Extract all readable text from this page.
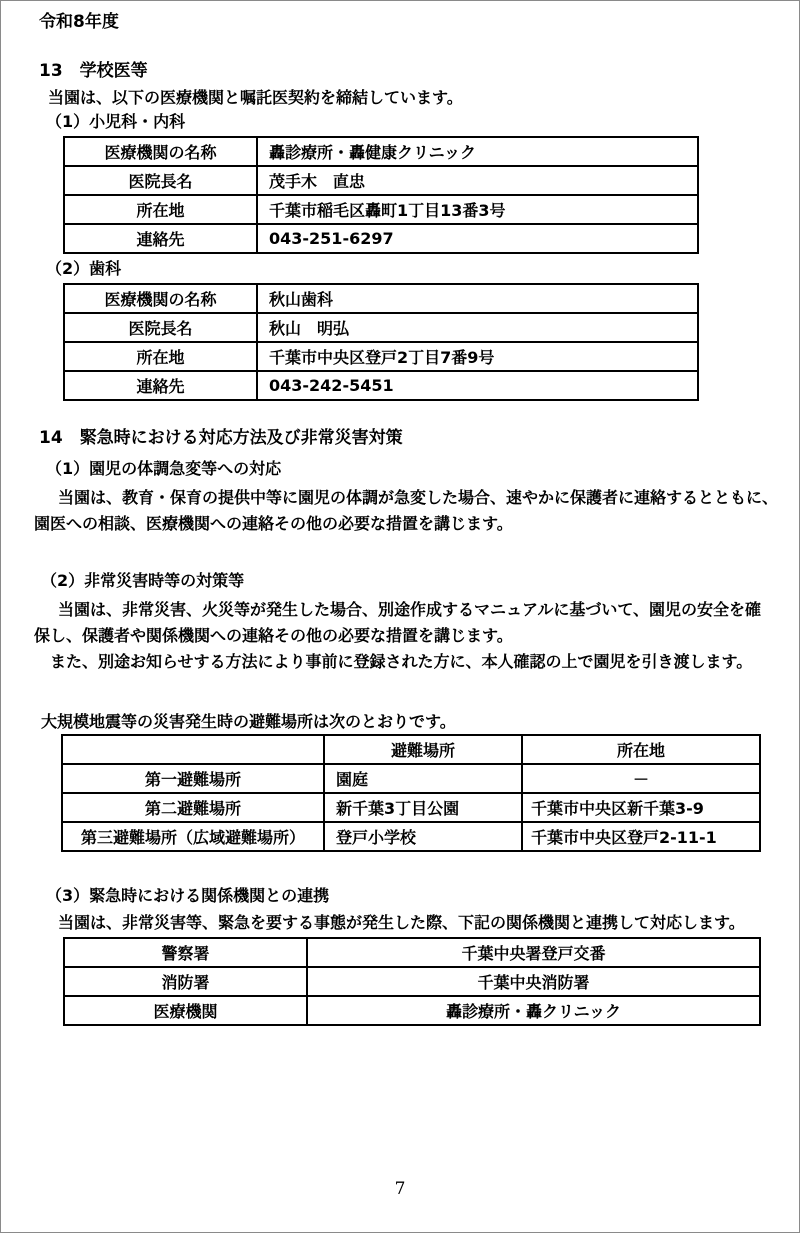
令和8年度
13　学校医等
当園は、以下の医療機関と嘱託医契約を締結しています。
（1）小児科・内科
医療機関の名称	轟診療所・轟健康クリニック
医院長名	茂手木　直忠
所在地	千葉市稲毛区轟町1丁目13番3号
連絡先	043-251-6297
（2）歯科
医療機関の名称	秋山歯科
医院長名	秋山　明弘
所在地	千葉市中央区登戸2丁目7番9号
連絡先	043-242-5451
14　緊急時における対応方法及び非常災害対策
（1）園児の体調急変等への対応
当園は、教育・保育の提供中等に園児の体調が急変した場合、速やかに保護者に連絡するとともに、
園医への相談、医療機関への連絡その他の必要な措置を講じます。
（2）非常災害時等の対策等
当園は、非常災害、火災等が発生した場合、別途作成するマニュアルに基づいて、園児の安全を確
保し、保護者や関係機関への連絡その他の必要な措置を講じます。
また、別途お知らせする方法により事前に登録された方に、本人確認の上で園児を引き渡します。
大規模地震等の災害発生時の避難場所は次のとおりです。
	避難場所	所在地
第一避難場所	園庭	－
第二避難場所	新千葉3丁目公園	千葉市中央区新千葉3-9
第三避難場所（広域避難場所）	登戸小学校	千葉市中央区登戸2-11-1
（3）緊急時における関係機関との連携
当園は、非常災害等、緊急を要する事態が発生した際、下記の関係機関と連携して対応します。
警察署	千葉中央署登戸交番
消防署	千葉中央消防署
医療機関	轟診療所・轟クリニック
7
